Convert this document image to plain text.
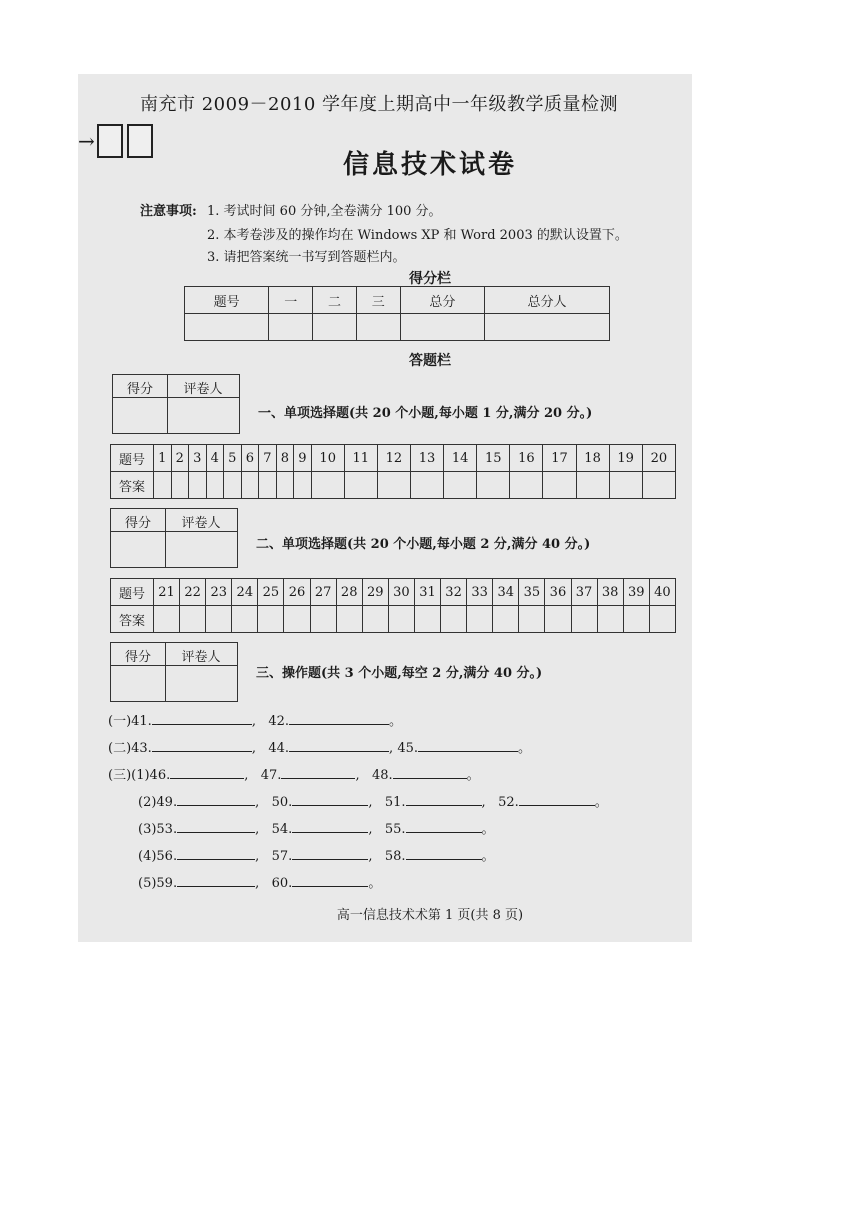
南充市 2009－2010 学年度上期高中一年级教学质量检测
→
信息技术试卷
注意事项: 1. 考试时间 60 分钟,全卷满分 100 分。
2. 本考卷涉及的操作均在 Windows XP 和 Word 2003 的默认设置下。
3. 请把答案统一书写到答题栏内。
得分栏
题号	一	二	三	总分	总分人

答题栏
得分	评卷人
一、单项选择题(共 20 个小题,每小题 1 分,满分 20 分。)
题号	1	2	3	4	5	6	7	8	9	10	11	12	13	14	15	16	17	18	19	20
答案																				
得分	评卷人
二、单项选择题(共 20 个小题,每小题 2 分,满分 40 分。)
题号	21	22	23	24	25	26	27	28	29	30	31	32	33	34	35	36	37	38	39	40
答案																				
得分	评卷人
三、操作题(共 3 个小题,每空 2 分,满分 40 分。)
(一)41.	,   42.	。
(二)43.	,   44.	, 45.	。
(三)(1)46.	,   47.	,   48.	。
(2)49.	,   50.	,   51.	,   52.	。
(3)53.	,   54.	,   55.	。
(4)56.	,   57.	,   58.	。
(5)59.	,   60.	。
高一信息技术术第 1 页(共 8 页)
